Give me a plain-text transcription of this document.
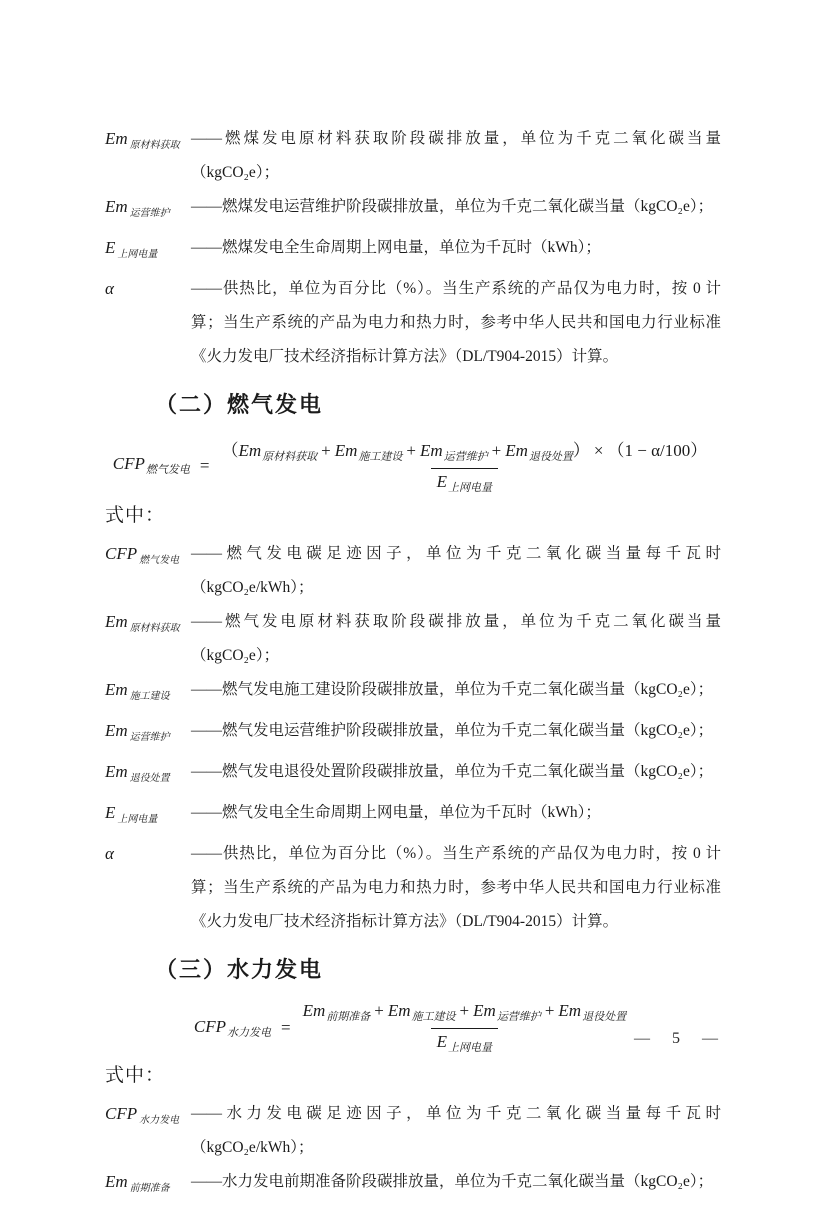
Em $_{原材料获取}$ ——燃煤发电原材料获取阶段碳排放量，单位为千克二氧化碳当量（kgCO₂e）；
Em $_{运营维护}$	——燃煤发电运营维护阶段碳排放量，单位为千克二氧化碳当量（kgCO₂e）；
E $_{上网电量}$	——燃煤发电全生命周期上网电量，单位为千瓦时（kWh）；
α	——供热比，单位为百分比（%）。当生产系统的产品仅为电力时，按 0 计算；当生产系统的产品为电力和热力时，参考中华人民共和国电力行业标准《火力发电厂技术经济指标计算方法》（DL/T904-2015）计算。
（二）燃气发电
$CFP_{燃气发电} = \frac{(Em_{原材料获取} + Em_{施工建设} + Em_{运营维护} + Em_{退役处置}) \times (1 - \alpha/100)}{E_{上网电量}}$
式中：
CFP $_{燃气发电}$ ——燃气发电碳足迹因子，单位为千克二氧化碳当量每千瓦时（kgCO₂e/kWh）；
Em $_{原材料获取}$ ——燃气发电原材料获取阶段碳排放量，单位为千克二氧化碳当量（kgCO₂e）；
Em $_{施工建设}$	——燃气发电施工建设阶段碳排放量，单位为千克二氧化碳当量（kgCO₂e）；
Em $_{运营维护}$	——燃气发电运营维护阶段碳排放量，单位为千克二氧化碳当量（kgCO₂e）；
Em $_{退役处置}$	——燃气发电退役处置阶段碳排放量，单位为千克二氧化碳当量（kgCO₂e）；
E $_{上网电量}$	——燃气发电全生命周期上网电量，单位为千瓦时（kWh）；
α	——供热比，单位为百分比（%）。当生产系统的产品仅为电力时，按 0 计算；当生产系统的产品为电力和热力时，参考中华人民共和国电力行业标准《火力发电厂技术经济指标计算方法》（DL/T904-2015）计算。
（三）水力发电
$CFP_{水力发电} = \frac{Em_{前期准备} + Em_{施工建设} + Em_{运营维护} + Em_{退役处置}}{E_{上网电量}}$
式中：
CFP $_{水力发电}$ ——水力发电碳足迹因子，单位为千克二氧化碳当量每千瓦时（kgCO₂e/kWh）；
Em $_{前期准备}$	——水力发电前期准备阶段碳排放量，单位为千克二氧化碳当量（kgCO₂e）；
— 5 —
